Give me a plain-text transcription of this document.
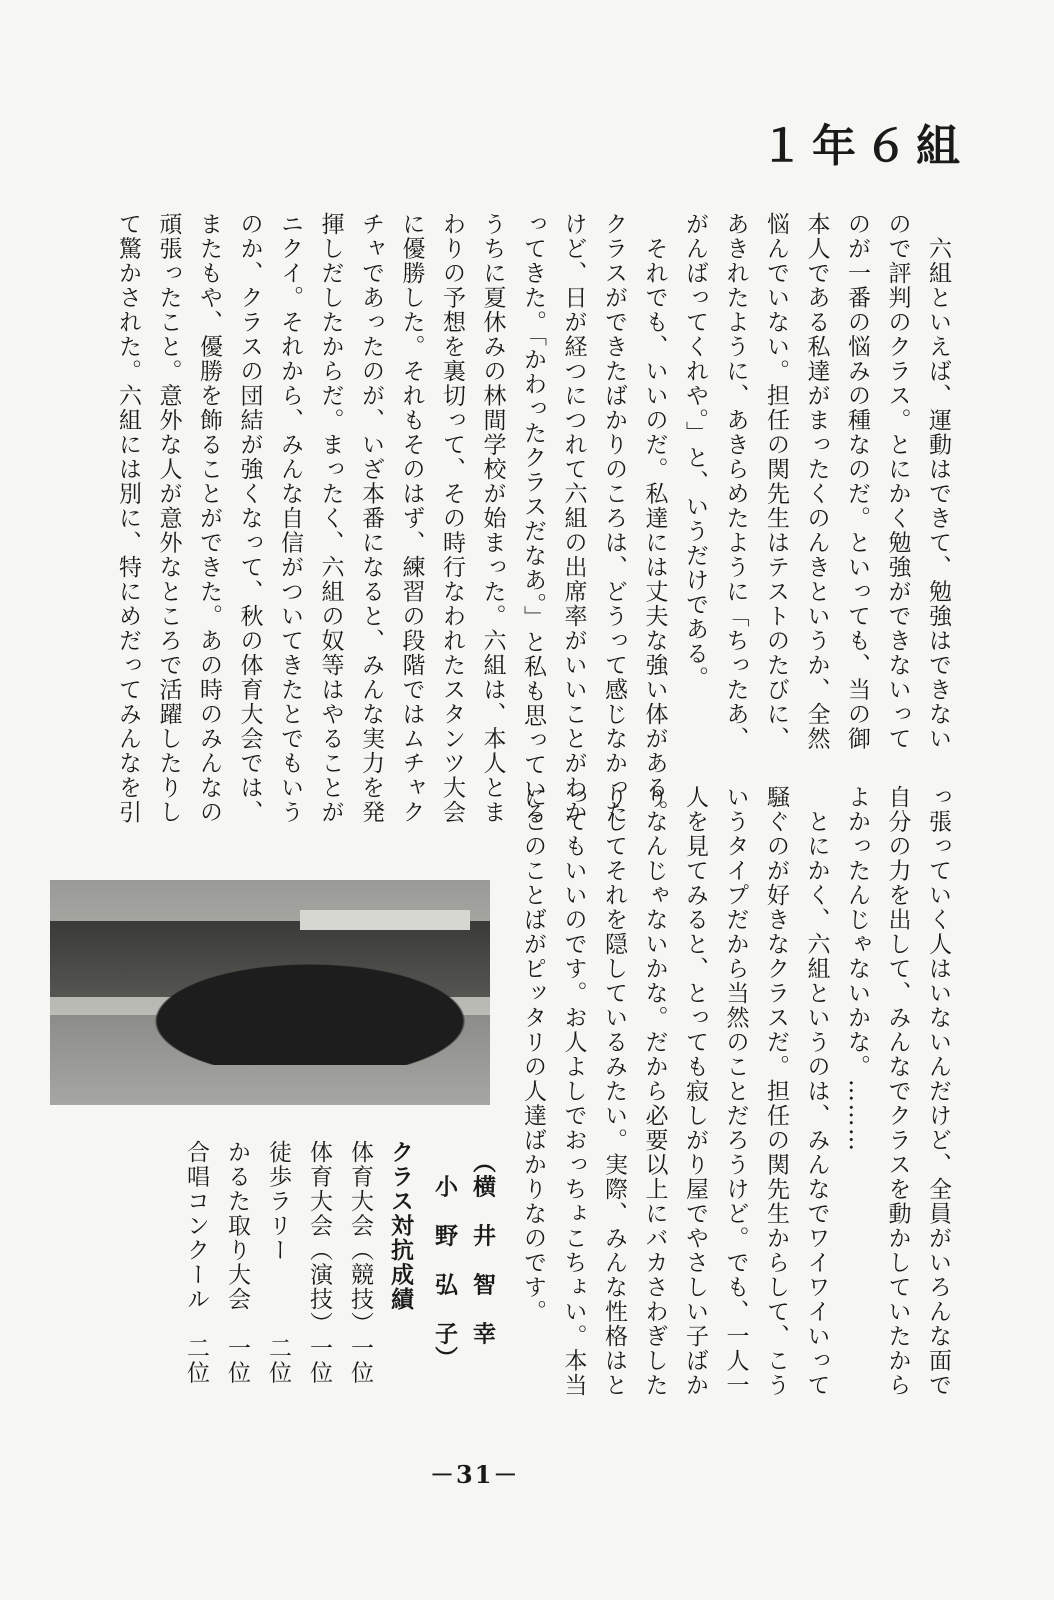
１年６組
　六組といえば、運動はできて、勉強はできない
ので評判のクラス。とにかく勉強ができないって
のが一番の悩みの種なのだ。といっても、当の御
本人である私達がまったくのんきというか、全然
悩んでいない。担任の関先生はテストのたびに、
あきれたように、あきらめたように「ちったあ、
がんばってくれや。」と、いうだけである。
　それでも、いいのだ。私達には丈夫な強い体がある。
クラスができたばかりのころは、どうって感じなかった
けど、日が経つにつれて六組の出席率がいいことがわか
ってきた。「かわったクラスだなあ。」と私も思っている
うちに夏休みの林間学校が始まった。六組は、本人とま
わりの予想を裏切って、その時行なわれたスタンツ大会
に優勝した。それもそのはず、練習の段階ではムチャク
チャであったのが、いざ本番になると、みんな実力を発
揮しだしたからだ。まったく、六組の奴等はやることが
ニクイ。それから、みんな自信がついてきたとでもいう
のか、クラスの団結が強くなって、秋の体育大会では、
またもや、優勝を飾ることができた。あの時のみんなの
頑張ったこと。意外な人が意外なところで活躍したりし
て驚かされた。六組には別に、特にめだってみんなを引
っ張っていく人はいないんだけど、全員がいろんな面で
自分の力を出して、みんなでクラスを動かしていたから
よかったんじゃないかな。………
　とにかく、六組というのは、みんなでワイワイいって
騒ぐのが好きなクラスだ。担任の関先生からして、こう
いうタイプだから当然のことだろうけど。でも、一人一
人を見てみると、とっても寂しがり屋でやさしい子ばか
りなんじゃないかな。だから必要以上にバカさわぎした
りしてそれを隠しているみたい。実際、みんな性格はと
ってもいいのです。お人よしでおっちょこちょい。本当
にこのことばがピッタリの人達ばかりなのです。
（横　井　智　幸
　小　野　弘　子）
クラス対抗成績
体育大会（競技）一位
体育大会（演技）一位
徒歩ラリー　　　二位
かるた取り大会　一位
合唱コンクール　二位
－31－
